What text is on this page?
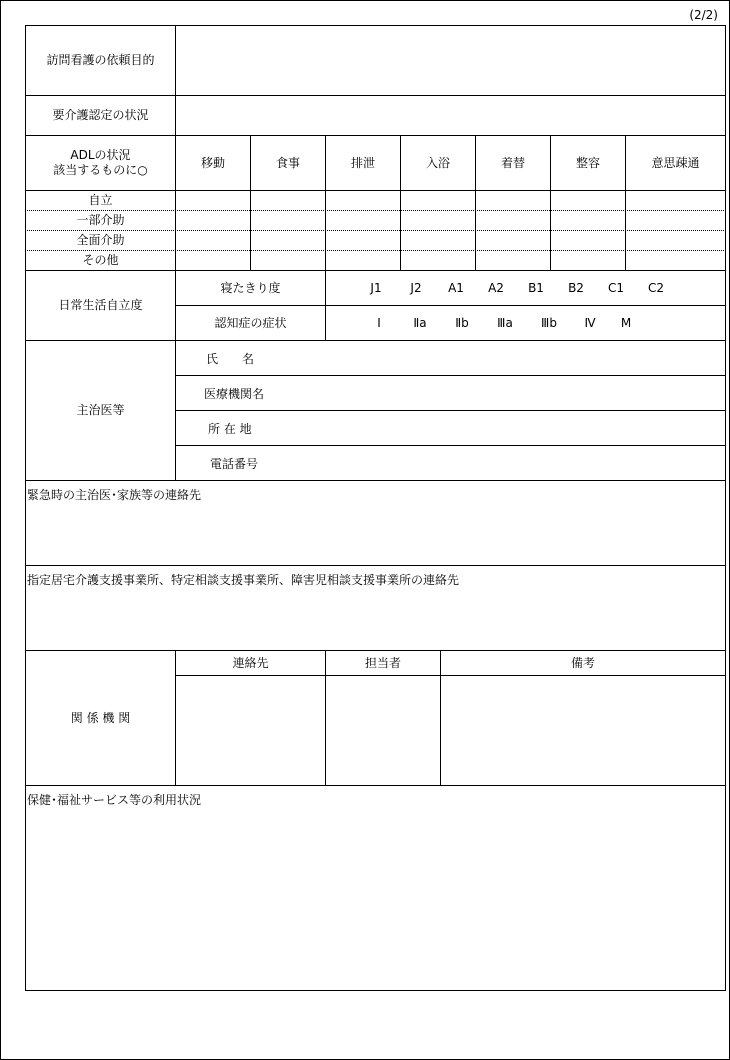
(2/2)
訪問看護の依頼目的
要介護認定の状況
ADLの状況
該当するものに○
移動	食事	排泄	入浴	着替	整容	意思疎通
自立
一部介助
全面介助
その他
日常生活自立度
寝たきり度	J1	J2	A1	A2	B1	B2	C1	C2
認知症の症状	Ⅰ	Ⅱa	Ⅱb	Ⅲa	Ⅲb	Ⅳ	M
主治医等
氏　　名
医療機関名
所 在 地
電話番号
緊急時の主治医･家族等の連絡先
指定居宅介護支援事業所、特定相談支援事業所、障害児相談支援事業所の連絡先
関 係 機 関
連絡先	担当者	備考
保健･福祉サービス等の利用状況
